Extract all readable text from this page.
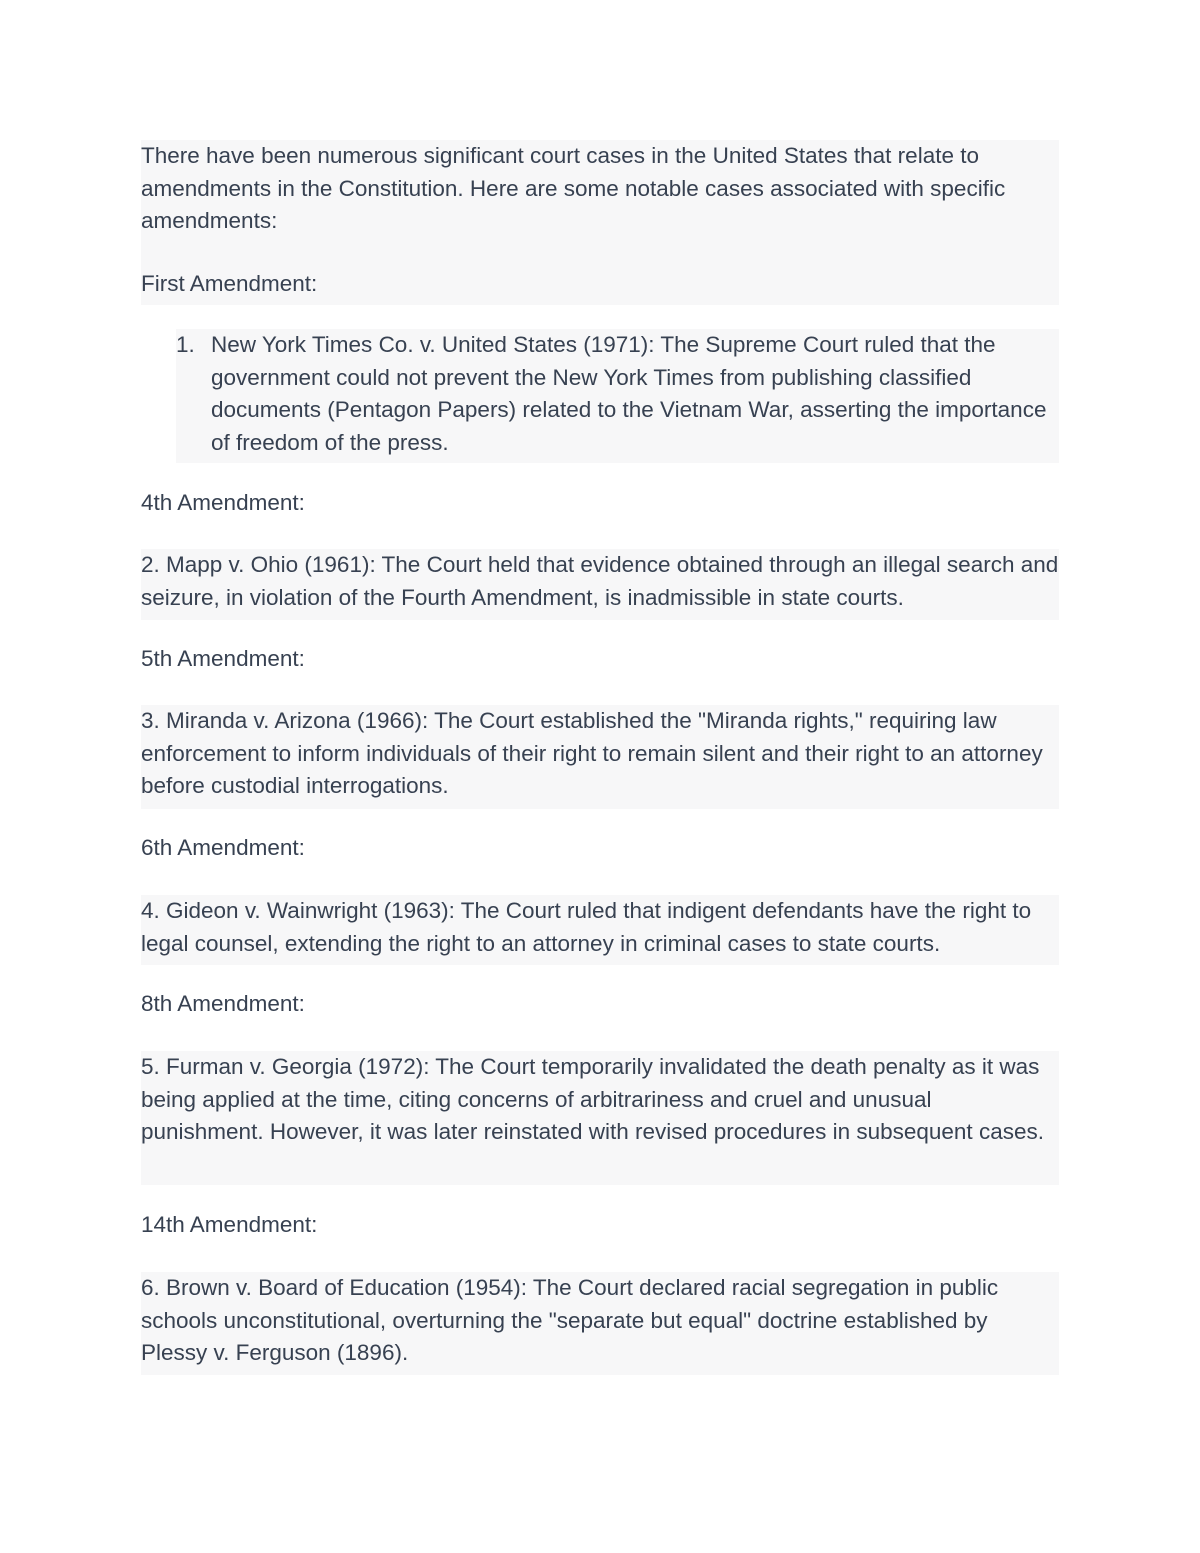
There have been numerous significant court cases in the United States that relate to amendments in the Constitution. Here are some notable cases associated with specific amendments:

First Amendment:

1. New York Times Co. v. United States (1971): The Supreme Court ruled that the government could not prevent the New York Times from publishing classified documents (Pentagon Papers) related to the Vietnam War, asserting the importance of freedom of the press.

4th Amendment:

2. Mapp v. Ohio (1961): The Court held that evidence obtained through an illegal search and seizure, in violation of the Fourth Amendment, is inadmissible in state courts.

5th Amendment:

3. Miranda v. Arizona (1966): The Court established the "Miranda rights," requiring law enforcement to inform individuals of their right to remain silent and their right to an attorney before custodial interrogations.

6th Amendment:

4. Gideon v. Wainwright (1963): The Court ruled that indigent defendants have the right to legal counsel, extending the right to an attorney in criminal cases to state courts.

8th Amendment:

5. Furman v. Georgia (1972): The Court temporarily invalidated the death penalty as it was being applied at the time, citing concerns of arbitrariness and cruel and unusual punishment. However, it was later reinstated with revised procedures in subsequent cases.

14th Amendment:

6. Brown v. Board of Education (1954): The Court declared racial segregation in public schools unconstitutional, overturning the "separate but equal" doctrine established by Plessy v. Ferguson (1896).
